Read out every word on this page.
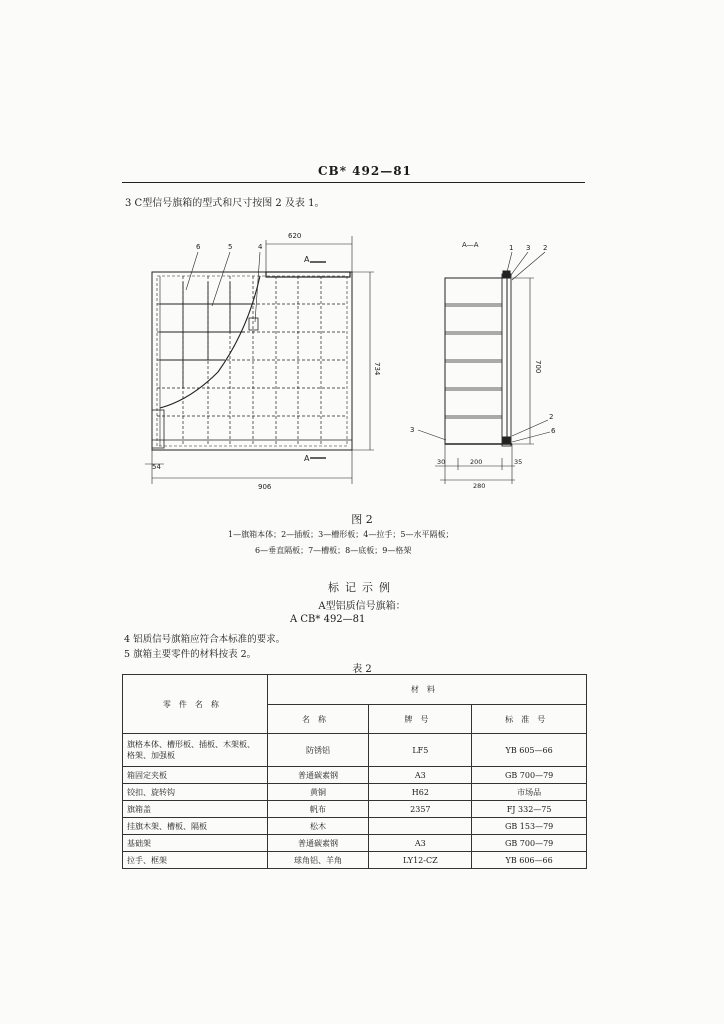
CB* 492—81
3 C型信号旗箱的型式和尺寸按图 2 及表 1。
620
734
906
54
A
A
6	5	4	A—A	1 3 2
700
3
2
6
30	200	35
280
图 2
1—旗箱本体；2—插板；3—槽形板；4—拉手；5—水平隔板；
6—垂直隔板；7—槽板；8—底板；9—格架
标记示例
A型铝质信号旗箱：
A CB* 492—81
4 铝质信号旗箱应符合本标准的要求。
5 旗箱主要零件的材料按表 2。
表 2
零件名称	材料		
	名称	牌号	标准号
旗格本体、槽形板、插板、木架板、格架、加强板	防锈铝	LF5	YB 605—66
箱固定夹板	普通碳素钢	A3	GB 700—79
铰扣、旋转钩	黄铜	H62	市场品
旗箱盖	帆布	2357	FJ 332—75
挂旗木架、槽板、隔板	松木		GB 153—79
基础架	普通碳素钢	A3	GB 700—79
拉手、框架	球角铝、羊角	LY12-CZ	YB 606—66
